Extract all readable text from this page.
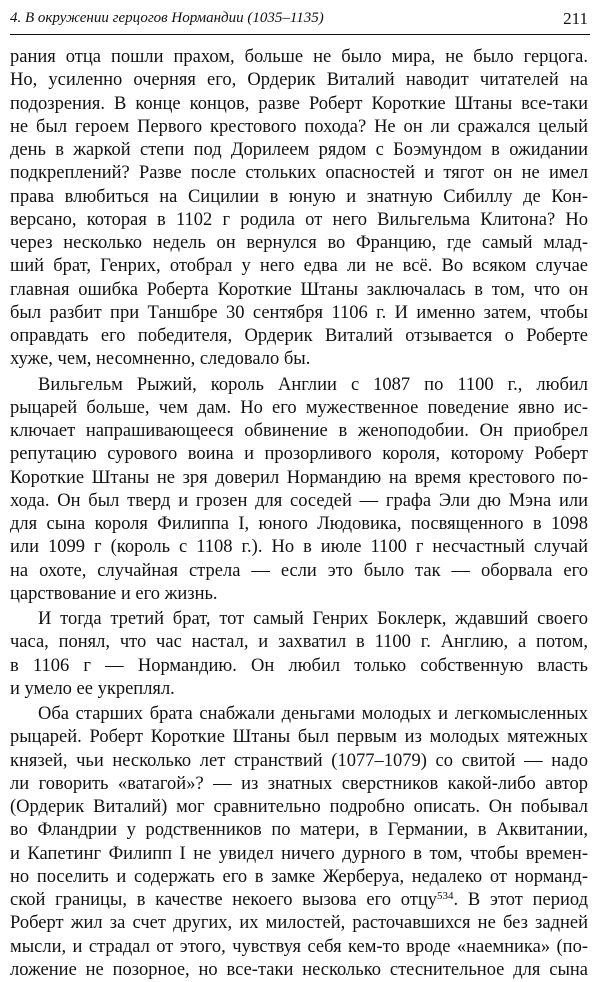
4. В окружении герцогов Нормандии (1035–1135)	211
рания отца пошли прахом, больше не было мира, не было герцога.
Но, усиленно очерняя его, Ордерик Виталий наводит читателей на
подозрения. В конце концов, разве Роберт Короткие Штаны все-таки
не был героем Первого крестового похода? Не он ли сражался целый
день в жаркой степи под Дорилеем рядом с Боэмундом в ожидании
подкреплений? Разве после стольких опасностей и тягот он не имел
права влюбиться на Сицилии в юную и знатную Сибиллу де Кон-
версано, которая в 1102 г родила от него Вильгельма Клитона? Но
через несколько недель он вернулся во Францию, где самый млад-
ший брат, Генрих, отобрал у него едва ли не всё. Во всяком случае
главная ошибка Роберта Короткие Штаны заключалась в том, что он
был разбит при Таншбре 30 сентября 1106 г. И именно затем, чтобы
оправдать его победителя, Ордерик Виталий отзывается о Роберте
хуже, чем, несомненно, следовало бы.
Вильгельм Рыжий, король Англии с 1087 по 1100 г., любил
рыцарей больше, чем дам. Но его мужественное поведение явно ис-
ключает напрашивающееся обвинение в женоподобии. Он приобрел
репутацию сурового воина и прозорливого короля, которому Роберт
Короткие Штаны не зря доверил Нормандию на время крестового по-
хода. Он был тверд и грозен для соседей — графа Эли дю Мэна или
для сына короля Филиппа I, юного Людовика, посвященного в 1098
или 1099 г (король с 1108 г.). Но в июле 1100 г несчастный случай
на охоте, случайная стрела — если это было так — оборвала его
царствование и его жизнь.
И тогда третий брат, тот самый Генрих Боклерк, ждавший своего
часа, понял, что час настал, и захватил в 1100 г. Англию, а потом,
в 1106 г — Нормандию. Он любил только собственную власть
и умело ее укреплял.
Оба старших брата снабжали деньгами молодых и легкомысленных
рыцарей. Роберт Короткие Штаны был первым из молодых мятежных
князей, чьи несколько лет странствий (1077–1079) со свитой — надо
ли говорить «ватагой»? — из знатных сверстников какой-либо автор
(Ордерик Виталий) мог сравнительно подробно описать. Он побывал
во Фландрии у родственников по матери, в Германии, в Аквитании,
и Капетинг Филипп I не увидел ничего дурного в том, чтобы времен-
но поселить и содержать его в замке Жерберуа, недалеко от норманд-
ской границы, в качестве некоего вызова его отцу$^{534}$. В этот период
Роберт жил за счет других, их милостей, расточавшихся не без задней
мысли, и страдал от этого, чувствуя себя кем-то вроде «наемника» (по-
ложение не позорное, но все-таки несколько стеснительное для сына
